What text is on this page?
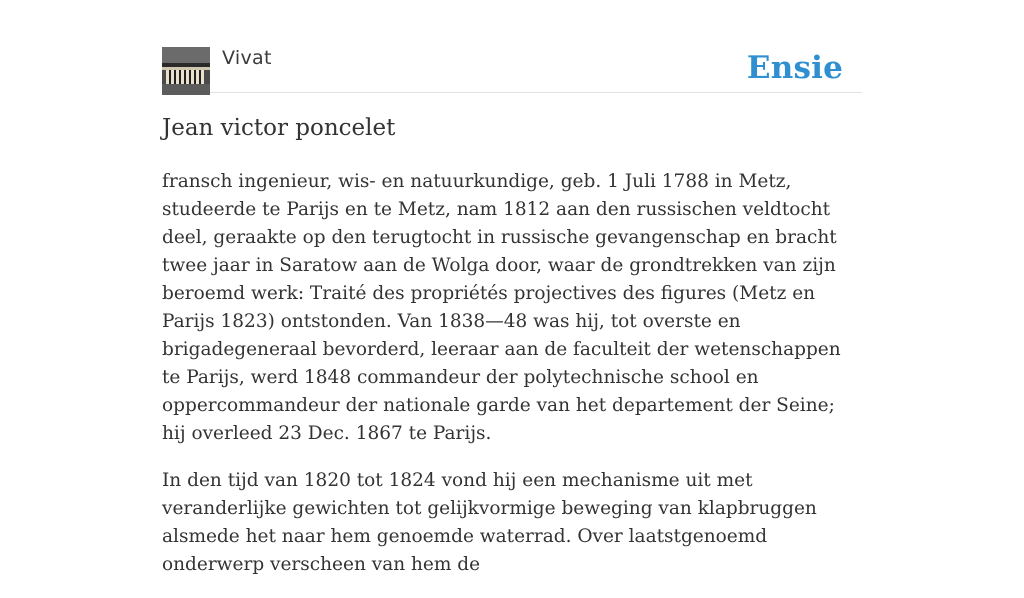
Vivat	Ensie
Jean victor poncelet

fransch ingenieur, wis- en natuurkundige, geb. 1 Juli 1788 in Metz, studeerde te Parijs en te Metz, nam 1812 aan den russischen veldtocht deel, geraakte op den terugtocht in russische gevangenschap en bracht twee jaar in Saratow aan de Wolga door, waar de grondtrekken van zijn beroemd werk: Traité des propriétés projectives des figures (Metz en Parijs 1823) ontstonden. Van 1838—48 was hij, tot overste en brigadegeneraal bevorderd, leeraar aan de faculteit der wetenschappen te Parijs, werd 1848 commandeur der polytechnische school en oppercommandeur der nationale garde van het departement der Seine; hij overleed 23 Dec. 1867 te Parijs.

In den tijd van 1820 tot 1824 vond hij een mechanisme uit met veranderlijke gewichten tot gelijkvormige beweging van klapbruggen alsmede het naar hem genoemde waterrad. Over laatstgenoemd onderwerp verscheen van hem de
